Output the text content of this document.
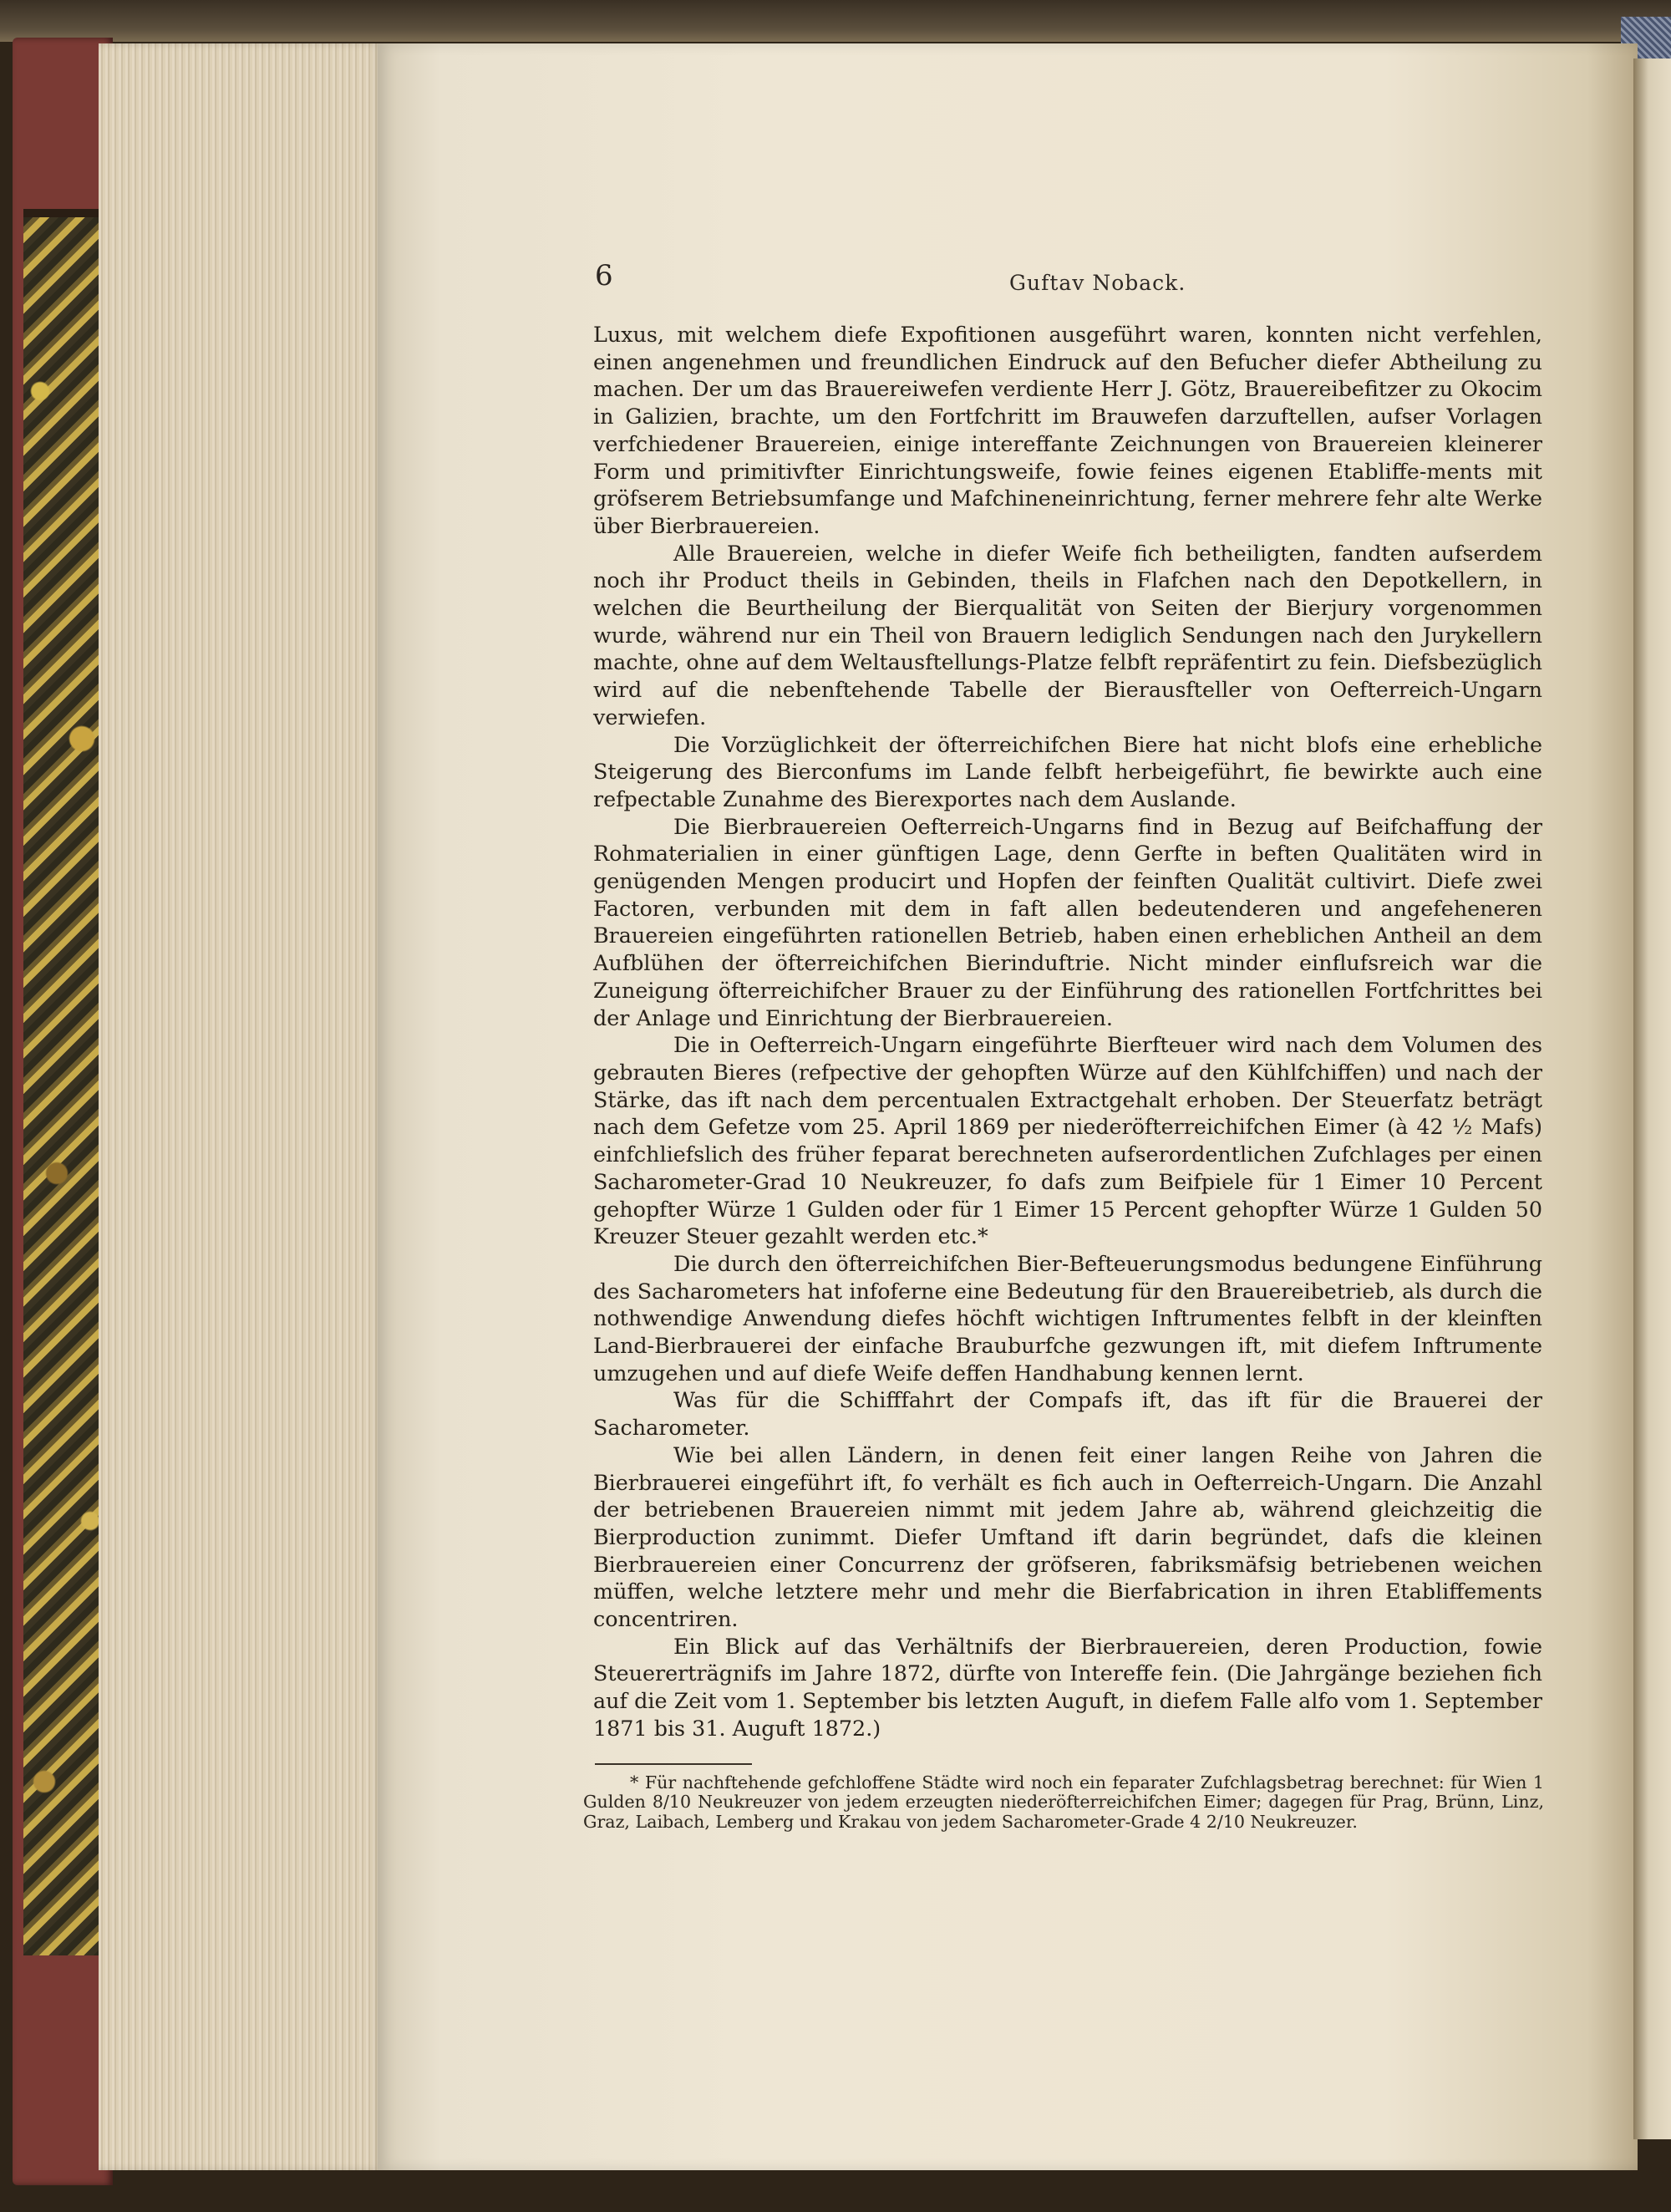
6	Guftav Noback.

Luxus, mit welchem diefe Expofitionen ausgeführt waren, konnten nicht verfehlen, einen angenehmen und freundlichen Eindruck auf den Befucher diefer Abtheilung zu machen. Der um das Brauereiwefen verdiente Herr J. Götz, Brauereibefitzer zu Okocim in Galizien, brachte, um den Fortfchritt im Brauwefen darzuftellen, aufser Vorlagen verfchiedener Brauereien, einige intereffante Zeichnungen von Brauereien kleinerer Form und primitivfter Einrichtungsweife, fowie feines eigenen Etabliffe-ments mit gröfserem Betriebsumfange und Mafchineneinrichtung, ferner mehrere fehr alte Werke über Bierbrauereien.

Alle Brauereien, welche in diefer Weife fich betheiligten, fandten aufserdem noch ihr Product theils in Gebinden, theils in Flafchen nach den Depotkellern, in welchen die Beurtheilung der Bierqualität von Seiten der Bierjury vorgenommen wurde, während nur ein Theil von Brauern lediglich Sendungen nach den Jurykellern machte, ohne auf dem Weltausftellungs-Platze felbft repräfentirt zu fein. Diefsbezüglich wird auf die nebenftehende Tabelle der Bierausfteller von Oefterreich-Ungarn verwiefen.

Die Vorzüglichkeit der öfterreichifchen Biere hat nicht blofs eine erhebliche Steigerung des Bierconfums im Lande felbft herbeigeführt, fie bewirkte auch eine refpectable Zunahme des Bierexportes nach dem Auslande.

Die Bierbrauereien Oefterreich-Ungarns find in Bezug auf Beifchaffung der Rohmaterialien in einer günftigen Lage, denn Gerfte in beften Qualitäten wird in genügenden Mengen producirt und Hopfen der feinften Qualität cultivirt. Diefe zwei Factoren, verbunden mit dem in faft allen bedeutenderen und angefeheneren Brauereien eingeführten rationellen Betrieb, haben einen erheblichen Antheil an dem Aufblühen der öfterreichifchen Bierinduftrie. Nicht minder einflufsreich war die Zuneigung öfterreichifcher Brauer zu der Einführung des rationellen Fortfchrittes bei der Anlage und Einrichtung der Bierbrauereien.

Die in Oefterreich-Ungarn eingeführte Bierfteuer wird nach dem Volumen des gebrauten Bieres (refpective der gehopften Würze auf den Kühlfchiffen) und nach der Stärke, das ift nach dem percentualen Extractgehalt erhoben. Der Steuerfatz beträgt nach dem Gefetze vom 25. April 1869 per niederöfterreichifchen Eimer (à 42 ½ Mafs) einfchliefslich des früher feparat berechneten aufserordentlichen Zufchlages per einen Sacharometer-Grad 10 Neukreuzer, fo dafs zum Beifpiele für 1 Eimer 10 Percent gehopfter Würze 1 Gulden oder für 1 Eimer 15 Percent gehopfter Würze 1 Gulden 50 Kreuzer Steuer gezahlt werden etc.*

Die durch den öfterreichifchen Bier-Befteuerungsmodus bedungene Einführung des Sacharometers hat infoferne eine Bedeutung für den Brauereibetrieb, als durch die nothwendige Anwendung diefes höchft wichtigen Inftrumentes felbft in der kleinften Land-Bierbrauerei der einfache Brauburfche gezwungen ift, mit diefem Inftrumente umzugehen und auf diefe Weife deffen Handhabung kennen lernt.

Was für die Schifffahrt der Compafs ift, das ift für die Brauerei der Sacharometer.

Wie bei allen Ländern, in denen feit einer langen Reihe von Jahren die Bierbrauerei eingeführt ift, fo verhält es fich auch in Oefterreich-Ungarn. Die Anzahl der betriebenen Brauereien nimmt mit jedem Jahre ab, während gleichzeitig die Bierproduction zunimmt. Diefer Umftand ift darin begründet, dafs die kleinen Bierbrauereien einer Concurrenz der gröfseren, fabriksmäfsig betriebenen weichen müffen, welche letztere mehr und mehr die Bierfabrication in ihren Etabliffements concentriren.

Ein Blick auf das Verhältnifs der Bierbrauereien, deren Production, fowie Steuererträgnifs im Jahre 1872, dürfte von Intereffe fein. (Die Jahrgänge beziehen fich auf die Zeit vom 1. September bis letzten Auguft, in diefem Falle alfo vom 1. September 1871 bis 31. Auguft 1872.)

* Für nachftehende gefchloffene Städte wird noch ein feparater Zufchlagsbetrag berechnet: für Wien 1 Gulden 8/10 Neukreuzer von jedem erzeugten niederöfterreichifchen Eimer; dagegen für Prag, Brünn, Linz, Graz, Laibach, Lemberg und Krakau von jedem Sacharometer-Grade 4 2/10 Neukreuzer.
